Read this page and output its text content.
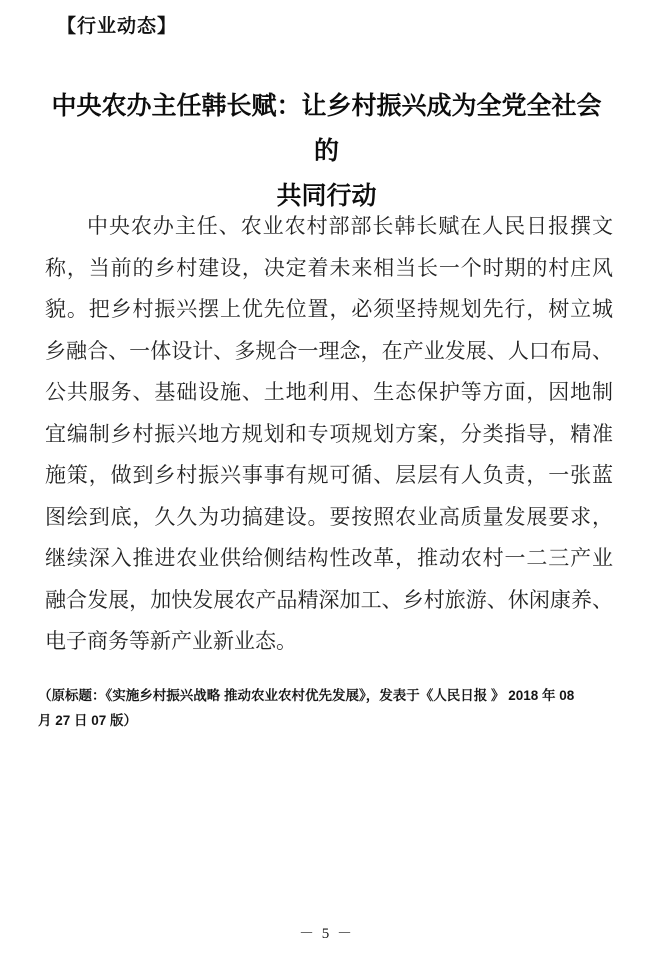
【行业动态】
中央农办主任韩长赋：让乡村振兴成为全党全社会的
共同行动
中央农办主任、农业农村部部长韩长赋在人民日报撰文
称，当前的乡村建设，决定着未来相当长一个时期的村庄风
貌。把乡村振兴摆上优先位置，必须坚持规划先行，树立城
乡融合、一体设计、多规合一理念，在产业发展、人口布局、
公共服务、基础设施、土地利用、生态保护等方面，因地制
宜编制乡村振兴地方规划和专项规划方案，分类指导，精准
施策，做到乡村振兴事事有规可循、层层有人负责，一张蓝
图绘到底，久久为功搞建设。要按照农业高质量发展要求，
继续深入推进农业供给侧结构性改革，推动农村一二三产业
融合发展，加快发展农产品精深加工、乡村旅游、休闲康养、
电子商务等新产业新业态。
（原标题：《实施乡村振兴战略 推动农业农村优先发展》，发表于《人民日报 》 2018 年 08
月 27 日 07 版）
－ 5 －
